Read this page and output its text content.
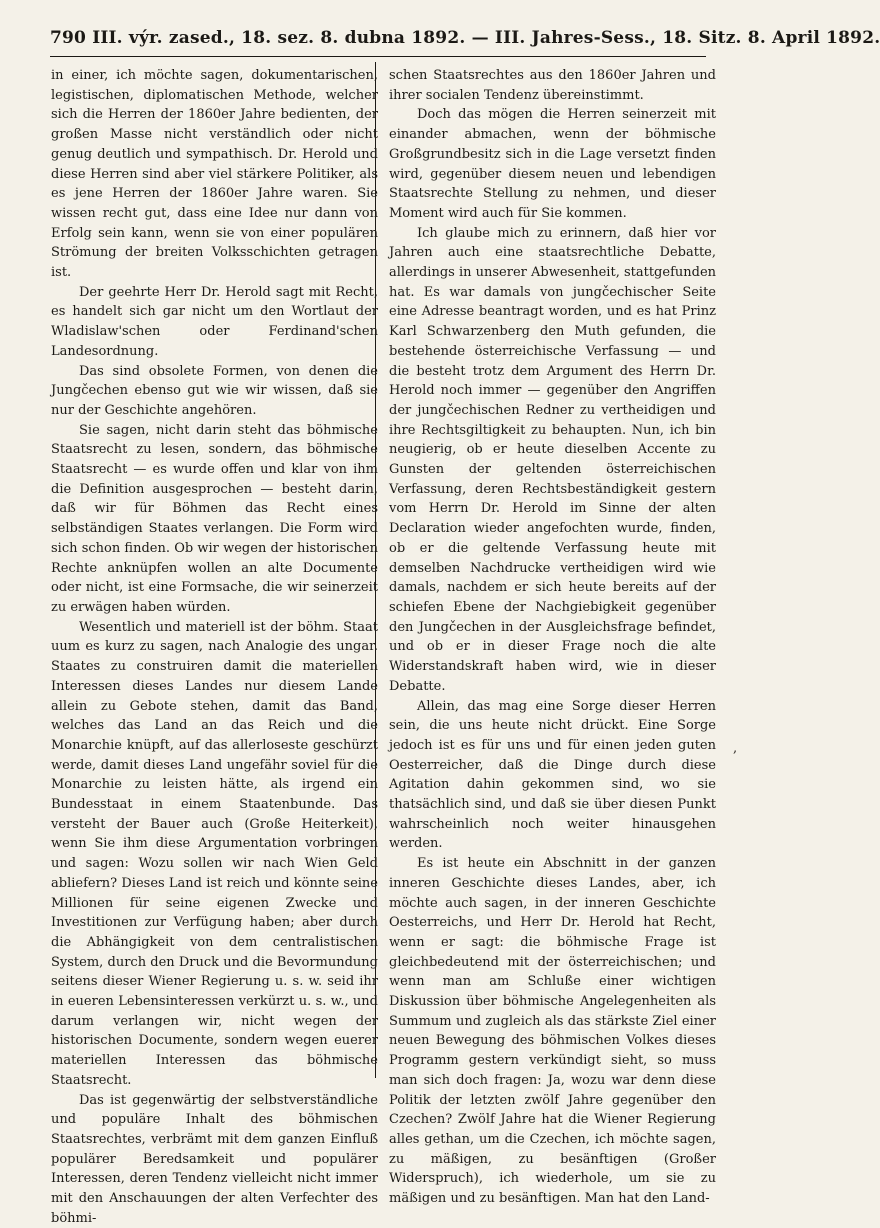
790 III. výr. zased., 18. sez. 8. dubna 1892. — III. Jahres-Sess., 18. Sitz. 8. April 1892.

in einer, ich möchte sagen, dokumentarischen, legistischen, diplomatischen Methode, welcher sich die Herren der 1860er Jahre bedienten, der großen Masse nicht verständlich oder nicht genug deutlich und sympathisch. Dr. Herold und diese Herren sind aber viel stärkere Politiker, als es jene Herren der 1860er Jahre waren. Sie wissen recht gut, dass eine Idee nur dann von Erfolg sein kann, wenn sie von einer populären Strömung der breiten Volksschichten getragen ist.

Der geehrte Herr Dr. Herold sagt mit Recht, es handelt sich gar nicht um den Wortlaut der Wladislaw'schen oder Ferdinand'schen Landesordnung.

Das sind obsolete Formen, von denen die Jungčechen ebenso gut wie wir wissen, daß sie nur der Geschichte angehören.

Sie sagen, nicht darin steht das böhmische Staatsrecht zu lesen, sondern, das böhmische Staatsrecht — es wurde offen und klar von ihm die Definition ausgesprochen — besteht darin, daß wir für Böhmen das Recht eines selbständigen Staates verlangen. Die Form wird sich schon finden. Ob wir wegen der historischen Rechte anknüpfen wollen an alte Documente oder nicht, ist eine Formsache, die wir seinerzeit zu erwägen haben würden.

Wesentlich und materiell ist der böhm. Staat uum es kurz zu sagen, nach Analogie des ungar. Staates zu construiren damit die materiellen Interessen dieses Landes nur diesem Lande allein zu Gebote stehen, damit das Band, welches das Land an das Reich und die Monarchie knüpft, auf das allerloseste geschürzt werde, damit dieses Land ungefähr soviel für die Monarchie zu leisten hätte, als irgend ein Bundesstaat in einem Staatenbunde. Das versteht der Bauer auch (Große Heiterkeit), wenn Sie ihm diese Argumentation vorbringen und sagen: Wozu sollen wir nach Wien Geld abliefern? Dieses Land ist reich und könnte seine Millionen für seine eigenen Zwecke und Investitionen zur Verfügung haben; aber durch die Abhängigkeit von dem centralistischen System, durch den Druck und die Bevormundung seitens dieser Wiener Regierung u. s. w. seid ihr in eueren Lebensinteressen verkürzt u. s. w., und darum verlangen wir, nicht wegen der historischen Documente, sondern wegen euerer materiellen Interessen das böhmische Staatsrecht.

Das ist gegenwärtig der selbstverständliche und populäre Inhalt des böhmischen Staatsrechtes, verbrämt mit dem ganzen Einfluß populärer Beredsamkeit und populärer Interessen, deren Tendenz vielleicht nicht immer mit den Anschauungen der alten Verfechter des böhmi-

schen Staatsrechtes aus den 1860er Jahren und ihrer socialen Tendenz übereinstimmt.

Doch das mögen die Herren seinerzeit mit einander abmachen, wenn der böhmische Großgrundbesitz sich in die Lage versetzt finden wird, gegenüber diesem neuen und lebendigen Staatsrechte Stellung zu nehmen, und dieser Moment wird auch für Sie kommen.

Ich glaube mich zu erinnern, daß hier vor Jahren auch eine staatsrechtliche Debatte, allerdings in unserer Abwesenheit, stattgefunden hat. Es war damals von jungčechischer Seite eine Adresse beantragt worden, und es hat Prinz Karl Schwarzenberg den Muth gefunden, die bestehende österreichische Verfassung — und die besteht trotz dem Argument des Herrn Dr. Herold noch immer — gegenüber den Angriffen der jungčechischen Redner zu vertheidigen und ihre Rechtsgiltigkeit zu behaupten. Nun, ich bin neugierig, ob er heute dieselben Accente zu Gunsten der geltenden österreichischen Verfassung, deren Rechtsbeständigkeit gestern vom Herrn Dr. Herold im Sinne der alten Declaration wieder angefochten wurde, finden, ob er die geltende Verfassung heute mit demselben Nachdrucke vertheidigen wird wie damals, nachdem er sich heute bereits auf der schiefen Ebene der Nachgiebigkeit gegenüber den Jungčechen in der Ausgleichsfrage befindet, und ob er in dieser Frage noch die alte Widerstandskraft haben wird, wie in dieser Debatte.

Allein, das mag eine Sorge dieser Herren sein, die uns heute nicht drückt. Eine Sorge jedoch ist es für uns und für einen jeden guten Oesterreicher, daß die Dinge durch diese Agitation dahin gekommen sind, wo sie thatsächlich sind, und daß sie über diesen Punkt wahrscheinlich noch weiter hinausgehen werden.

Es ist heute ein Abschnitt in der ganzen inneren Geschichte dieses Landes, aber, ich möchte auch sagen, in der inneren Geschichte Oesterreichs, und Herr Dr. Herold hat Recht, wenn er sagt: die böhmische Frage ist gleichbedeutend mit der österreichischen; und wenn man am Schluße einer wichtigen Diskussion über böhmische Angelegenheiten als Summum und zugleich als das stärkste Ziel einer neuen Bewegung des böhmischen Volkes dieses Programm gestern verkündigt sieht, so muss man sich doch fragen: Ja, wozu war denn diese Politik der letzten zwölf Jahre gegenüber den Czechen? Zwölf Jahre hat die Wiener Regierung alles gethan, um die Czechen, ich möchte sagen, zu mäßigen, zu besänftigen (Großer Widerspruch), ich wiederhole, um sie zu mäßigen und zu besänftigen. Man hat den Land-

,
